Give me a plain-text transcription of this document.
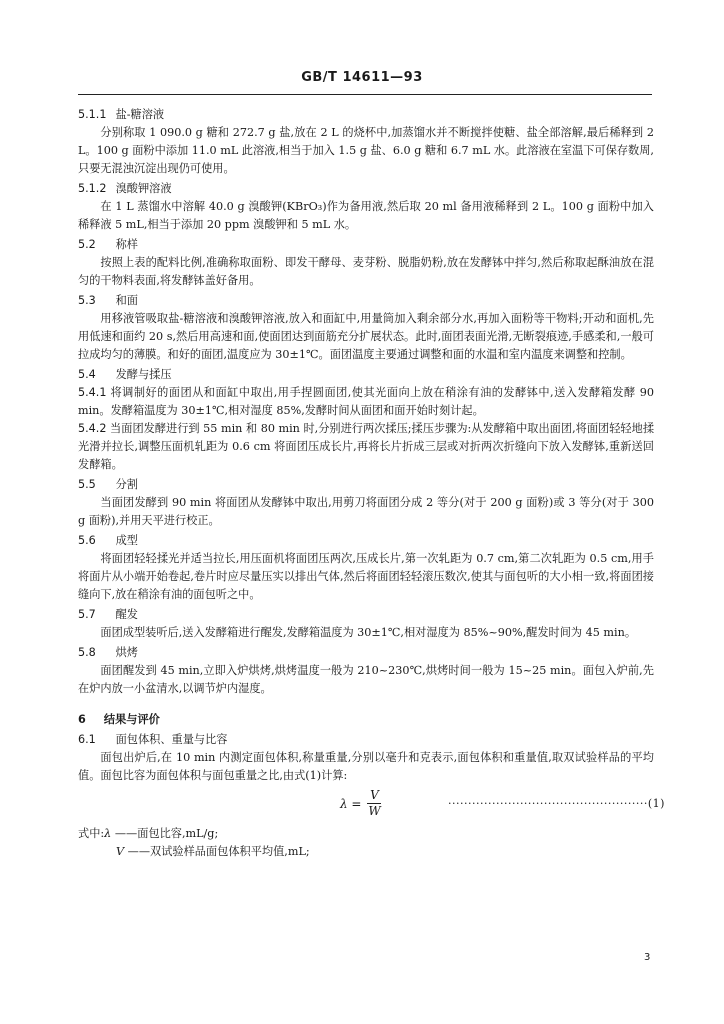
GB/T 14611—93
5.1.1 盐-糖溶液

分别称取 1 090.0 g 糖和 272.7 g 盐,放在 2 L 的烧杯中,加蒸馏水并不断搅拌使糖、盐全部溶解,最后稀释到 2 L。100 g 面粉中添加 11.0 mL 此溶液,相当于加入 1.5 g 盐、6.0 g 糖和 6.7 mL 水。此溶液在室温下可保存数周,只要无混浊沉淀出现仍可使用。

5.1.2 溴酸钾溶液

在 1 L 蒸馏水中溶解 40.0 g 溴酸钾(KBrO₃)作为备用液,然后取 20 ml 备用液稀释到 2 L。100 g 面粉中加入稀释液 5 mL,相当于添加 20 ppm 溴酸钾和 5 mL 水。

5.2 称样

按照上表的配料比例,准确称取面粉、即发干酵母、麦芽粉、脱脂奶粉,放在发酵钵中拌匀,然后称取起酥油放在混匀的干物料表面,将发酵钵盖好备用。

5.3 和面

用移液管吸取盐-糖溶液和溴酸钾溶液,放入和面缸中,用量筒加入剩余部分水,再加入面粉等干物料;开动和面机,先用低速和面约 20 s,然后用高速和面,使面团达到面筋充分扩展状态。此时,面团表面光滑,无断裂痕迹,手感柔和,一般可拉成均匀的薄膜。和好的面团,温度应为 30±1℃。面团温度主要通过调整和面的水温和室内温度来调整和控制。

5.4 发酵与揉压

5.4.1 将调制好的面团从和面缸中取出,用手捏圆面团,使其光面向上放在稍涂有油的发酵钵中,送入发酵箱发酵 90 min。发酵箱温度为 30±1℃,相对湿度 85%,发酵时间从面团和面开始时刻计起。

5.4.2 当面团发酵进行到 55 min 和 80 min 时,分别进行两次揉压;揉压步骤为:从发酵箱中取出面团,将面团轻轻地揉光滑并拉长,调整压面机轧距为 0.6 cm 将面团压成长片,再将长片折成三层或对折两次折缝向下放入发酵钵,重新送回发酵箱。

5.5 分割

当面团发酵到 90 min 将面团从发酵钵中取出,用剪刀将面团分成 2 等分(对于 200 g 面粉)或 3 等分(对于 300 g 面粉),并用天平进行校正。

5.6 成型

将面团轻轻揉光并适当拉长,用压面机将面团压两次,压成长片,第一次轧距为 0.7 cm,第二次轧距为 0.5 cm,用手将面片从小端开始卷起,卷片时应尽量压实以排出气体,然后将面团轻轻滚压数次,使其与面包听的大小相一致,将面团接缝向下,放在稍涂有油的面包听之中。

5.7 醒发

面团成型装听后,送入发酵箱进行醒发,发酵箱温度为 30±1℃,相对湿度为 85%~90%,醒发时间为 45 min。

5.8 烘烤

面团醒发到 45 min,立即入炉烘烤,烘烤温度一般为 210~230℃,烘烤时间一般为 15~25 min。面包入炉前,先在炉内放一小盆清水,以调节炉内湿度。

6 结果与评价
6.1 面包体积、重量与比容

面包出炉后,在 10 min 内测定面包体积,称量重量,分别以毫升和克表示,面包体积和重量值,取双试验样品的平均值。面包比容为面包体积与面包重量之比,由式(1)计算:

$\lambda = \frac{V}{W}$	··················································(1)

式中:λ ——面包比容,mL/g;

V ——双试验样品面包体积平均值,mL;

3
